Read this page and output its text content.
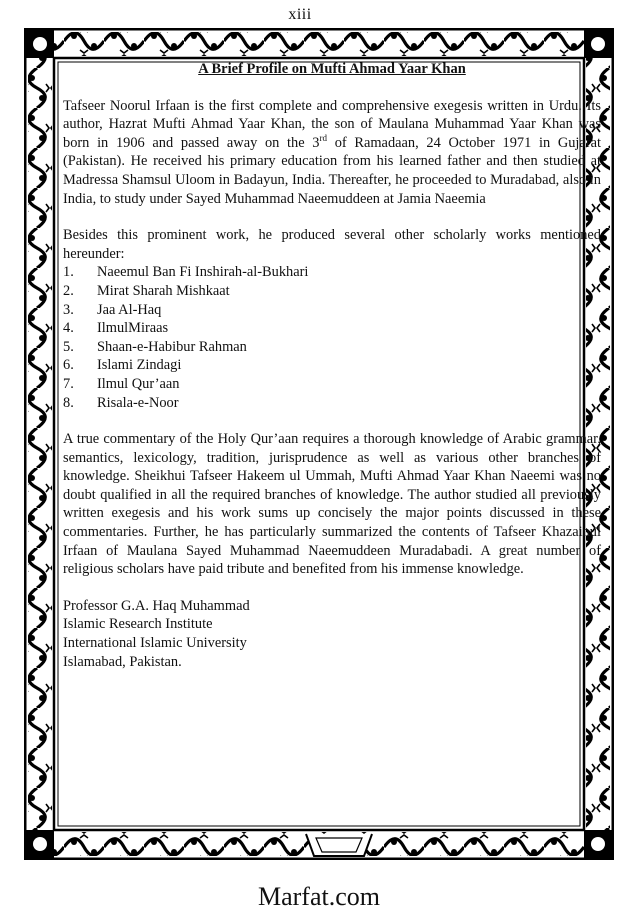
xiii
A Brief Profile on Mufti Ahmad Yaar Khan

Tafseer Noorul Irfaan is the first complete and comprehensive exegesis written in Urdu. Its author, Hazrat Mufti Ahmad Yaar Khan, the son of Maulana Muhammad Yaar Khan was born in 1906 and passed away on the 3rd of Ramadaan, 24 October 1971 in Gujarat (Pakistan). He received his primary education from his learned father and then studied at Madressa Shamsul Uloom in Badayun, India. Thereafter, he proceeded to Muradabad, also in India, to study under Sayed Muhammad Naeemuddeen at Jamia Naeemia

Besides this prominent work, he produced several other scholarly works mentioned hereunder:

1.	Naeemul Ban Fi Inshirah-al-Bukhari
2.	Mirat Sharah Mishkaat
3.	Jaa Al-Haq
4.	IlmulMiraas
5.	Shaan-e-Habibur Rahman
6.	Islami Zindagi
7.	Ilmul Qur’aan
8.	Risala-e-Noor

A true commentary of the Holy Qur’aan requires a thorough knowledge of Arabic grammar, semantics, lexicology, tradition, jurisprudence as well as various other branches of knowledge. Sheikhui Tafseer Hakeem ul Ummah, Mufti Ahmad Yaar Khan Naeemi was no doubt qualified in all the required branches of knowledge. The author studied all previously written exegesis and his work sums up concisely the major points discussed in these commentaries. Further, he has particularly summarized the contents of Tafseer Khazainul Irfaan of Maulana Sayed Muhammad Naeemuddeen Muradabadi. A great number of religious scholars have paid tribute and benefited from his immense knowledge.

Professor G.A. Haq Muhammad
Islamic Research Institute
International Islamic University
Islamabad, Pakistan.
Marfat.com
